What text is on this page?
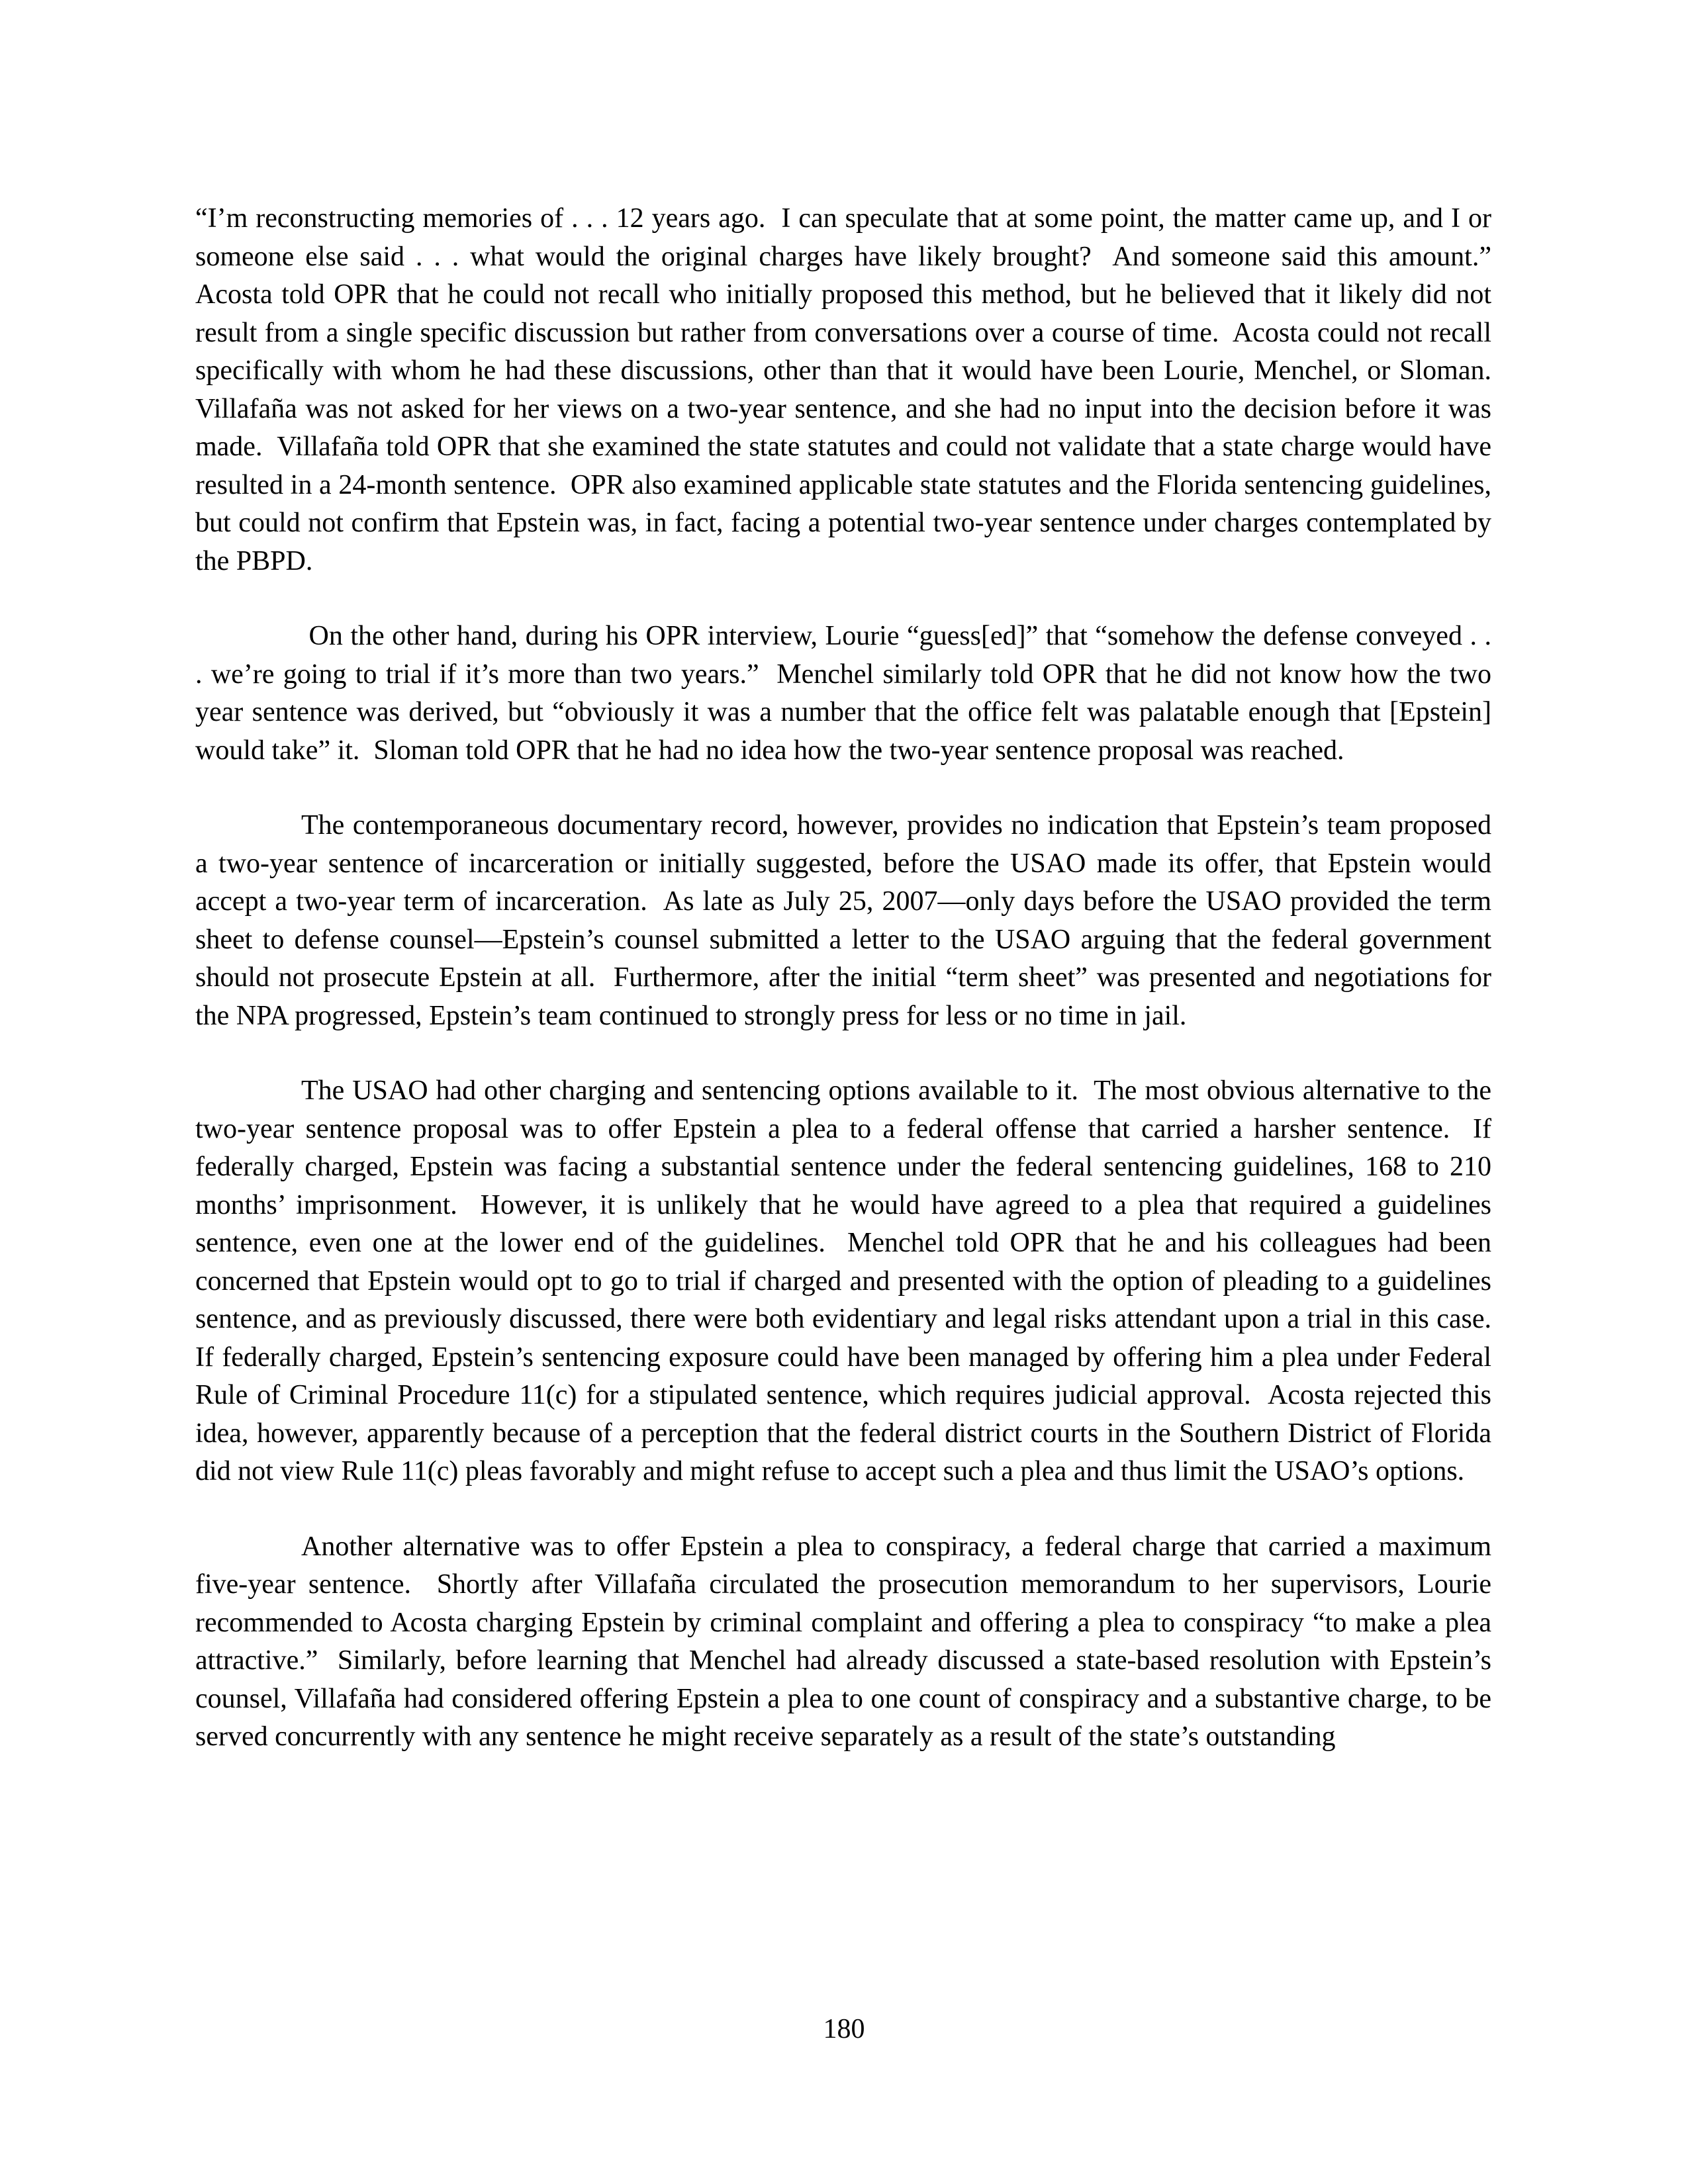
“I’m reconstructing memories of . . . 12 years ago.  I can speculate that at some point, the matter came up, and I or someone else said . . . what would the original charges have likely brought?  And someone said this amount.”  Acosta told OPR that he could not recall who initially proposed this method, but he believed that it likely did not result from a single specific discussion but rather from conversations over a course of time.  Acosta could not recall specifically with whom he had these discussions, other than that it would have been Lourie, Menchel, or Sloman.  Villafaña was not asked for her views on a two-year sentence, and she had no input into the decision before it was made.  Villafaña told OPR that she examined the state statutes and could not validate that a state charge would have resulted in a 24-month sentence.  OPR also examined applicable state statutes and the Florida sentencing guidelines, but could not confirm that Epstein was, in fact, facing a potential two-year sentence under charges contemplated by the PBPD.

On the other hand, during his OPR interview, Lourie “guess[ed]” that “somehow the defense conveyed . . . we’re going to trial if it’s more than two years.”  Menchel similarly told OPR that he did not know how the two year sentence was derived, but “obviously it was a number that the office felt was palatable enough that [Epstein] would take” it.  Sloman told OPR that he had no idea how the two-year sentence proposal was reached.

The contemporaneous documentary record, however, provides no indication that Epstein’s team proposed a two-year sentence of incarceration or initially suggested, before the USAO made its offer, that Epstein would accept a two-year term of incarceration.  As late as July 25, 2007—only days before the USAO provided the term sheet to defense counsel—Epstein’s counsel submitted a letter to the USAO arguing that the federal government should not prosecute Epstein at all.  Furthermore, after the initial “term sheet” was presented and negotiations for the NPA progressed, Epstein’s team continued to strongly press for less or no time in jail.

The USAO had other charging and sentencing options available to it.  The most obvious alternative to the two-year sentence proposal was to offer Epstein a plea to a federal offense that carried a harsher sentence.  If federally charged, Epstein was facing a substantial sentence under the federal sentencing guidelines, 168 to 210 months’ imprisonment.  However, it is unlikely that he would have agreed to a plea that required a guidelines sentence, even one at the lower end of the guidelines.  Menchel told OPR that he and his colleagues had been concerned that Epstein would opt to go to trial if charged and presented with the option of pleading to a guidelines sentence, and as previously discussed, there were both evidentiary and legal risks attendant upon a trial in this case.  If federally charged, Epstein’s sentencing exposure could have been managed by offering him a plea under Federal Rule of Criminal Procedure 11(c) for a stipulated sentence, which requires judicial approval.  Acosta rejected this idea, however, apparently because of a perception that the federal district courts in the Southern District of Florida did not view Rule 11(c) pleas favorably and might refuse to accept such a plea and thus limit the USAO’s options.

Another alternative was to offer Epstein a plea to conspiracy, a federal charge that carried a maximum five-year sentence.  Shortly after Villafaña circulated the prosecution memorandum to her supervisors, Lourie recommended to Acosta charging Epstein by criminal complaint and offering a plea to conspiracy “to make a plea attractive.”  Similarly, before learning that Menchel had already discussed a state-based resolution with Epstein’s counsel, Villafaña had considered offering Epstein a plea to one count of conspiracy and a substantive charge, to be served concurrently with any sentence he might receive separately as a result of the state’s outstanding

180
